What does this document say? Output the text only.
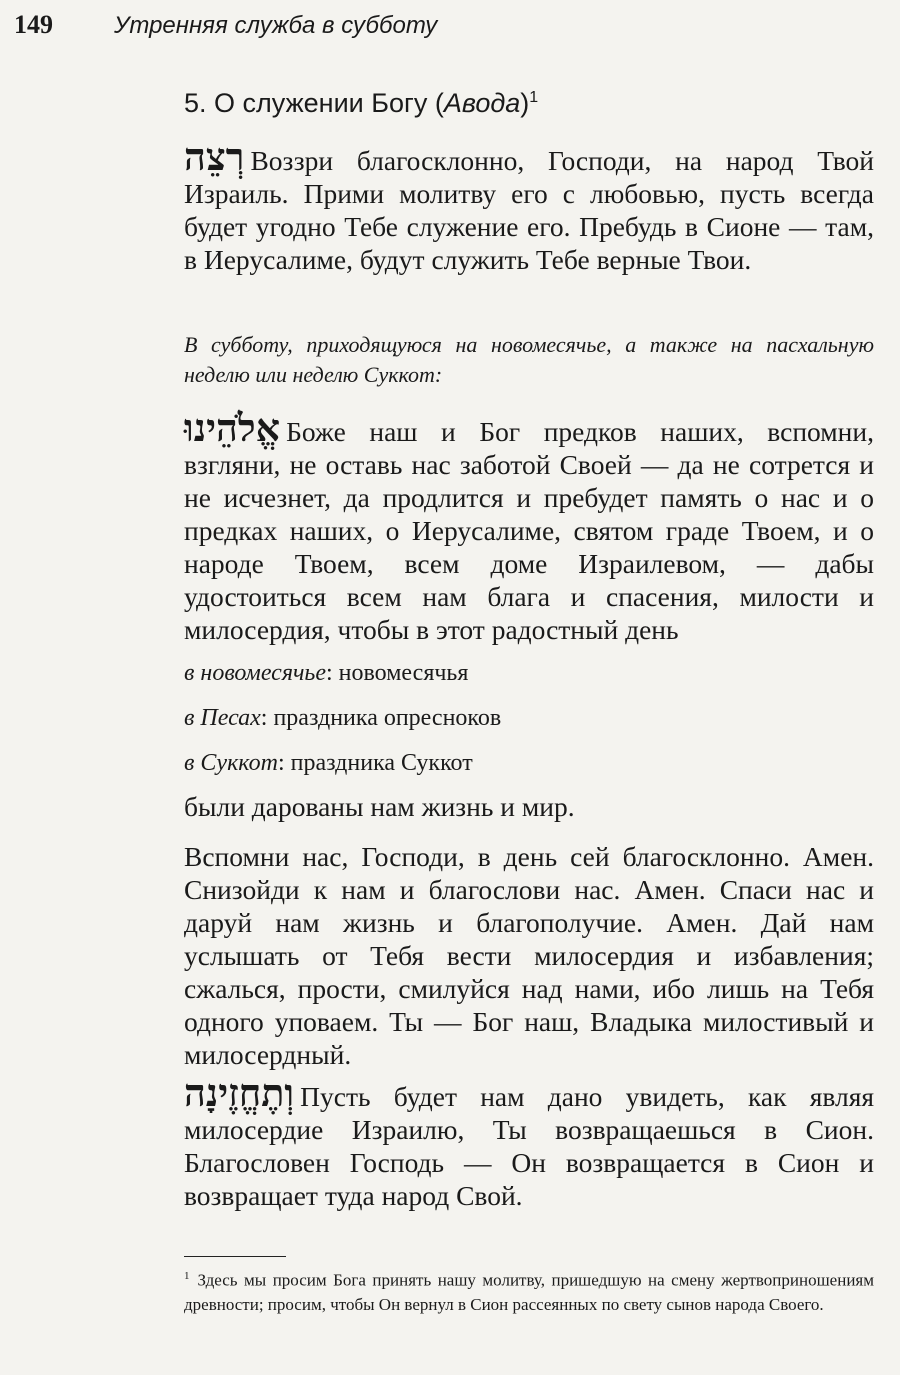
149	Утренняя служба в субботу
5. О служении Богу (Авода)$^1$
רְצֵה Воззри благосклонно, Господи, на народ Твой Израиль. Прими молитву его с любовью, пусть всегда будет угодно Тебе служение его. Пребудь в Сионе — там, в Иерусалиме, будут служить Тебе верные Твои.
В субботу, приходящуюся на новомесячье, а также на пасхальную неделю или неделю Суккот:
אֱלֹהֵינוּ Боже наш и Бог предков наших, вспомни, взгляни, не оставь нас заботой Своей — да не сотрется и не исчезнет, да продлится и пребудет память о нас и о предках наших, о Иерусалиме, святом граде Твоем, и о народе Твоем, всем доме Израилевом, — дабы удостоиться всем нам блага и спасения, милости и милосердия, чтобы в этот радостный день
в новомесячье: новомесячья
в Песах: праздника опресноков
в Суккот: праздника Суккот
были дарованы нам жизнь и мир.
Вспомни нас, Господи, в день сей благосклонно. Амен. Снизойди к нам и благослови нас. Амен. Спаси нас и даруй нам жизнь и благополучие. Амен. Дай нам услышать от Тебя вести милосердия и избавления; сжалься, прости, смилуйся над нами, ибо лишь на Тебя одного уповаем. Ты — Бог наш, Владыка милостивый и милосердный.
וְתֶחֱזֶינָה Пусть будет нам дано увидеть, как являя милосердие Израилю, Ты возвращаешься в Сион. Благословен Господь — Он возвращается в Сион и возвращает туда народ Свой.
$^1$ Здесь мы просим Бога принять нашу молитву, пришедшую на смену жертвоприношениям древности; просим, чтобы Он вернул в Сион рассеянных по свету сынов народа Своего.
